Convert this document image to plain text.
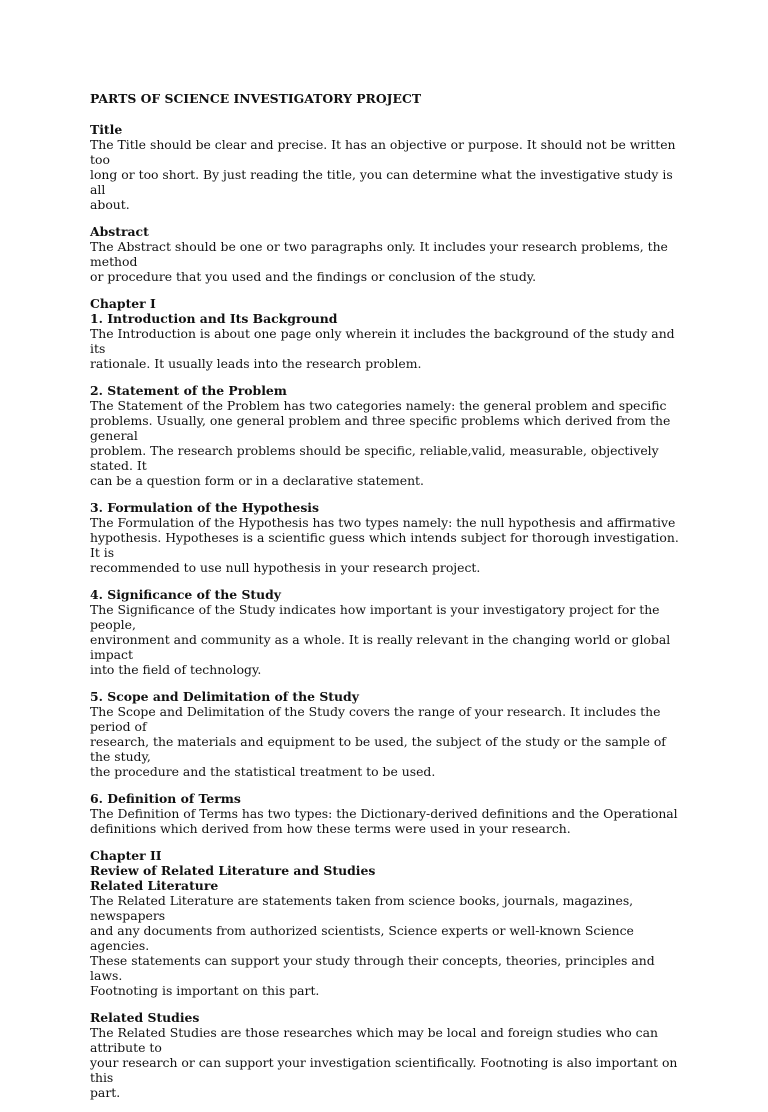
PARTS OF SCIENCE INVESTIGATORY PROJECT

Title

The Title should be clear and precise. It has an objective or purpose. It should not be written too
long or too short. By just reading the title, you can determine what the investigative study is all
about.

Abstract

The Abstract should be one or two paragraphs only. It includes your research problems, the method
or procedure that you used and the findings or conclusion of the study.

Chapter I

1. Introduction and Its Background

The Introduction is about one page only wherein it includes the background of the study and its
rationale. It usually leads into the research problem.

2. Statement of the Problem

The Statement of the Problem has two categories namely: the general problem and specific
problems. Usually, one general problem and three specific problems which derived from the general
problem. The research problems should be specific, reliable,valid, measurable, objectively stated. It
can be a question form or in a declarative statement.

3. Formulation of the Hypothesis

The Formulation of the Hypothesis has two types namely: the null hypothesis and affirmative
hypothesis. Hypotheses is a scientific guess which intends subject for thorough investigation. It is
recommended to use null hypothesis in your research project.

4. Significance of the Study

The Significance of the Study indicates how important is your investigatory project for the people,
environment and community as a whole. It is really relevant in the changing world or global impact
into the field of technology.

5. Scope and Delimitation of the Study

The Scope and Delimitation of the Study covers the range of your research. It includes the period of
research, the materials and equipment to be used, the subject of the study or the sample of the study,
the procedure and the statistical treatment to be used.

6. Definition of Terms

The Definition of Terms has two types: the Dictionary-derived definitions and the Operational
definitions which derived from how these terms were used in your research.

Chapter II

Review of Related Literature and Studies

Related Literature

The Related Literature are statements taken from science books, journals, magazines, newspapers
and any documents from authorized scientists, Science experts or well-known Science agencies.
These statements can support your study through their concepts, theories, principles and laws.
Footnoting is important on this part.

Related Studies

The Related Studies are those researches which may be local and foreign studies who can attribute to
your research or can support your investigation scientifically. Footnoting is also important on this
part.
